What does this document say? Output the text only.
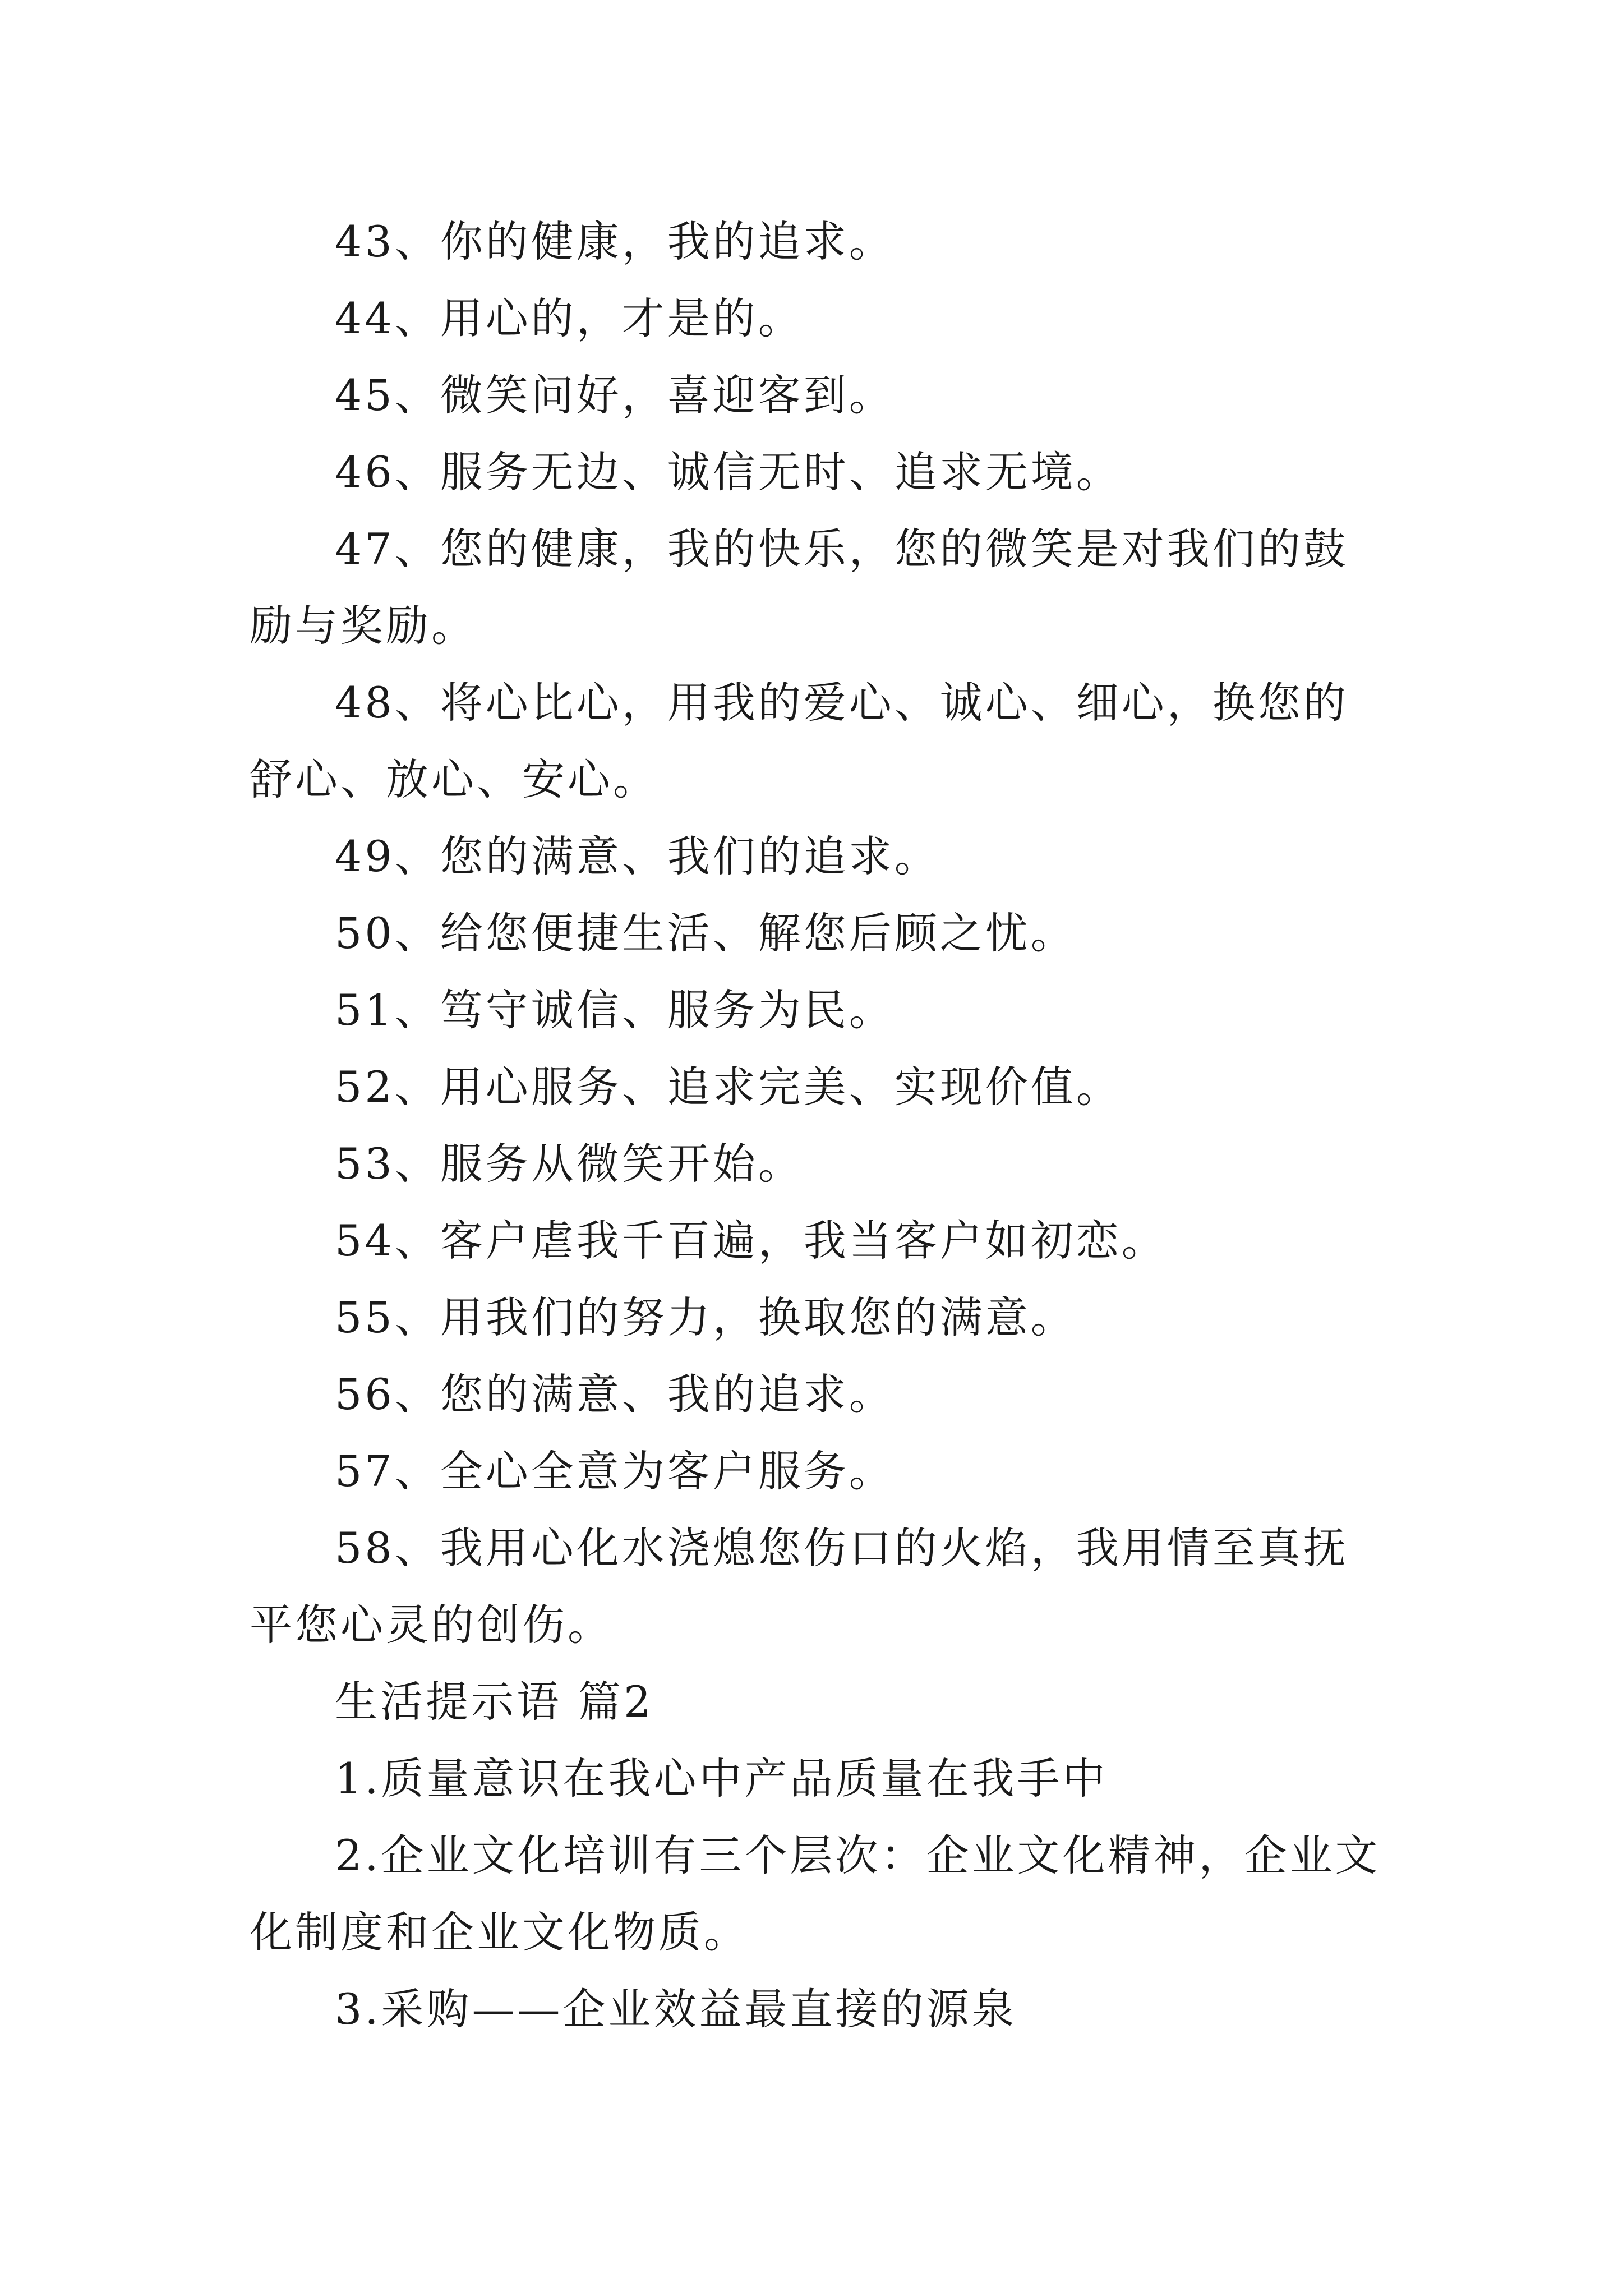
43、你的健康，我的追求。

44、用心的，才是的。

45、微笑问好，喜迎客到。

46、服务无边、诚信无时、追求无境。

47、您的健康，我的快乐，您的微笑是对我们的鼓励与奖励。

48、将心比心，用我的爱心、诚心、细心，换您的舒心、放心、安心。

49、您的满意、我们的追求。

50、给您便捷生活、解您后顾之忧。

51、笃守诚信、服务为民。

52、用心服务、追求完美、实现价值。

53、服务从微笑开始。

54、客户虐我千百遍，我当客户如初恋。

55、用我们的努力，换取您的满意。

56、您的满意、我的追求。

57、全心全意为客户服务。

58、我用心化水浇熄您伤口的火焰，我用情至真抚平您心灵的创伤。

生活提示语 篇2

1.质量意识在我心中产品质量在我手中

2.企业文化培训有三个层次：企业文化精神，企业文化制度和企业文化物质。

3.采购——企业效益最直接的源泉
